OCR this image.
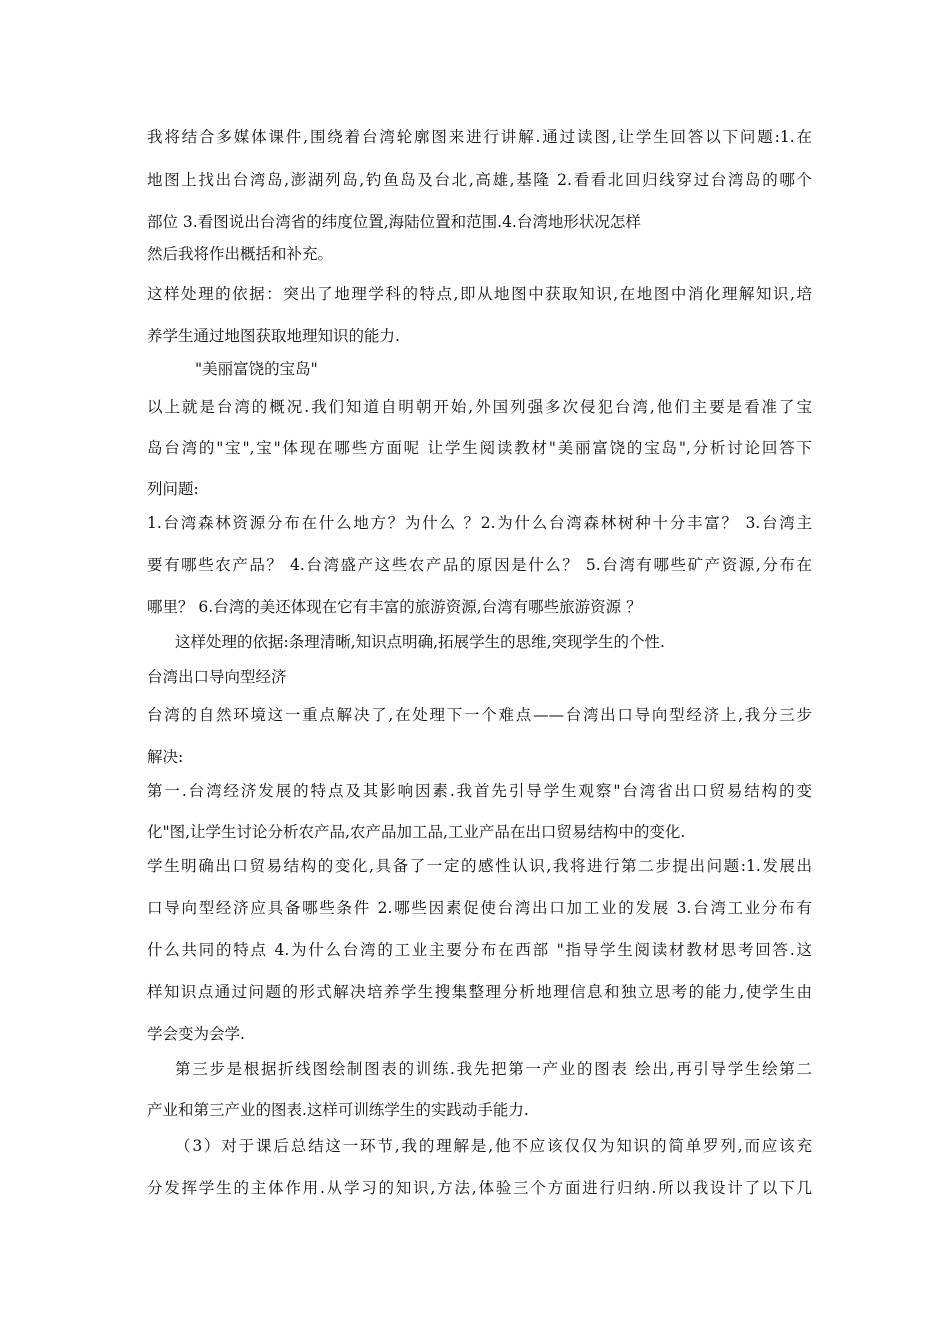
我将结合多媒体课件,围绕着台湾轮廓图来进行讲解.通过读图,让学生回答以下问题:1.在
地图上找出台湾岛,澎湖列岛,钓鱼岛及台北,高雄,基隆 2.看看北回归线穿过台湾岛的哪个
部位 3.看图说出台湾省的纬度位置,海陆位置和范围.4.台湾地形状况怎样
然后我将作出概括和补充。
这样处理的依据：突出了地理学科的特点,即从地图中获取知识,在地图中消化理解知识,培
养学生通过地图获取地理知识的能力.
"美丽富饶的宝岛"
以上就是台湾的概况.我们知道自明朝开始,外国列强多次侵犯台湾,他们主要是看准了宝
岛台湾的"宝",宝"体现在哪些方面呢 让学生阅读教材"美丽富饶的宝岛",分析讨论回答下
列问题:
1.台湾森林资源分布在什么地方？为什么 ？2.为什么台湾森林树种十分丰富？ 3.台湾主
要有哪些农产品？ 4.台湾盛产这些农产品的原因是什么？ 5.台湾有哪些矿产资源,分布在
哪里？ 6.台湾的美还体现在它有丰富的旅游资源,台湾有哪些旅游资源 ？
这样处理的依据:条理清晰,知识点明确,拓展学生的思维,突现学生的个性.
台湾出口导向型经济
台湾的自然环境这一重点解决了,在处理下一个难点——台湾出口导向型经济上,我分三步
解决:
第一.台湾经济发展的特点及其影响因素.我首先引导学生观察"台湾省出口贸易结构的变
化"图,让学生讨论分析农产品,农产品加工品,工业产品在出口贸易结构中的变化.
学生明确出口贸易结构的变化,具备了一定的感性认识,我将进行第二步提出问题:1.发展出
口导向型经济应具备哪些条件 2.哪些因素促使台湾出口加工业的发展 3.台湾工业分布有
什么共同的特点 4.为什么台湾的工业主要分布在西部 "指导学生阅读材教材思考回答.这
样知识点通过问题的形式解决培养学生搜集整理分析地理信息和独立思考的能力,使学生由
学会变为会学.
第三步是根据折线图绘制图表的训练.我先把第一产业的图表 绘出,再引导学生绘第二
产业和第三产业的图表.这样可训练学生的实践动手能力.
（3）对于课后总结这一环节,我的理解是,他不应该仅仅为知识的简单罗列,而应该充
分发挥学生的主体作用.从学习的知识,方法,体验三个方面进行归纳.所以我设计了以下几
